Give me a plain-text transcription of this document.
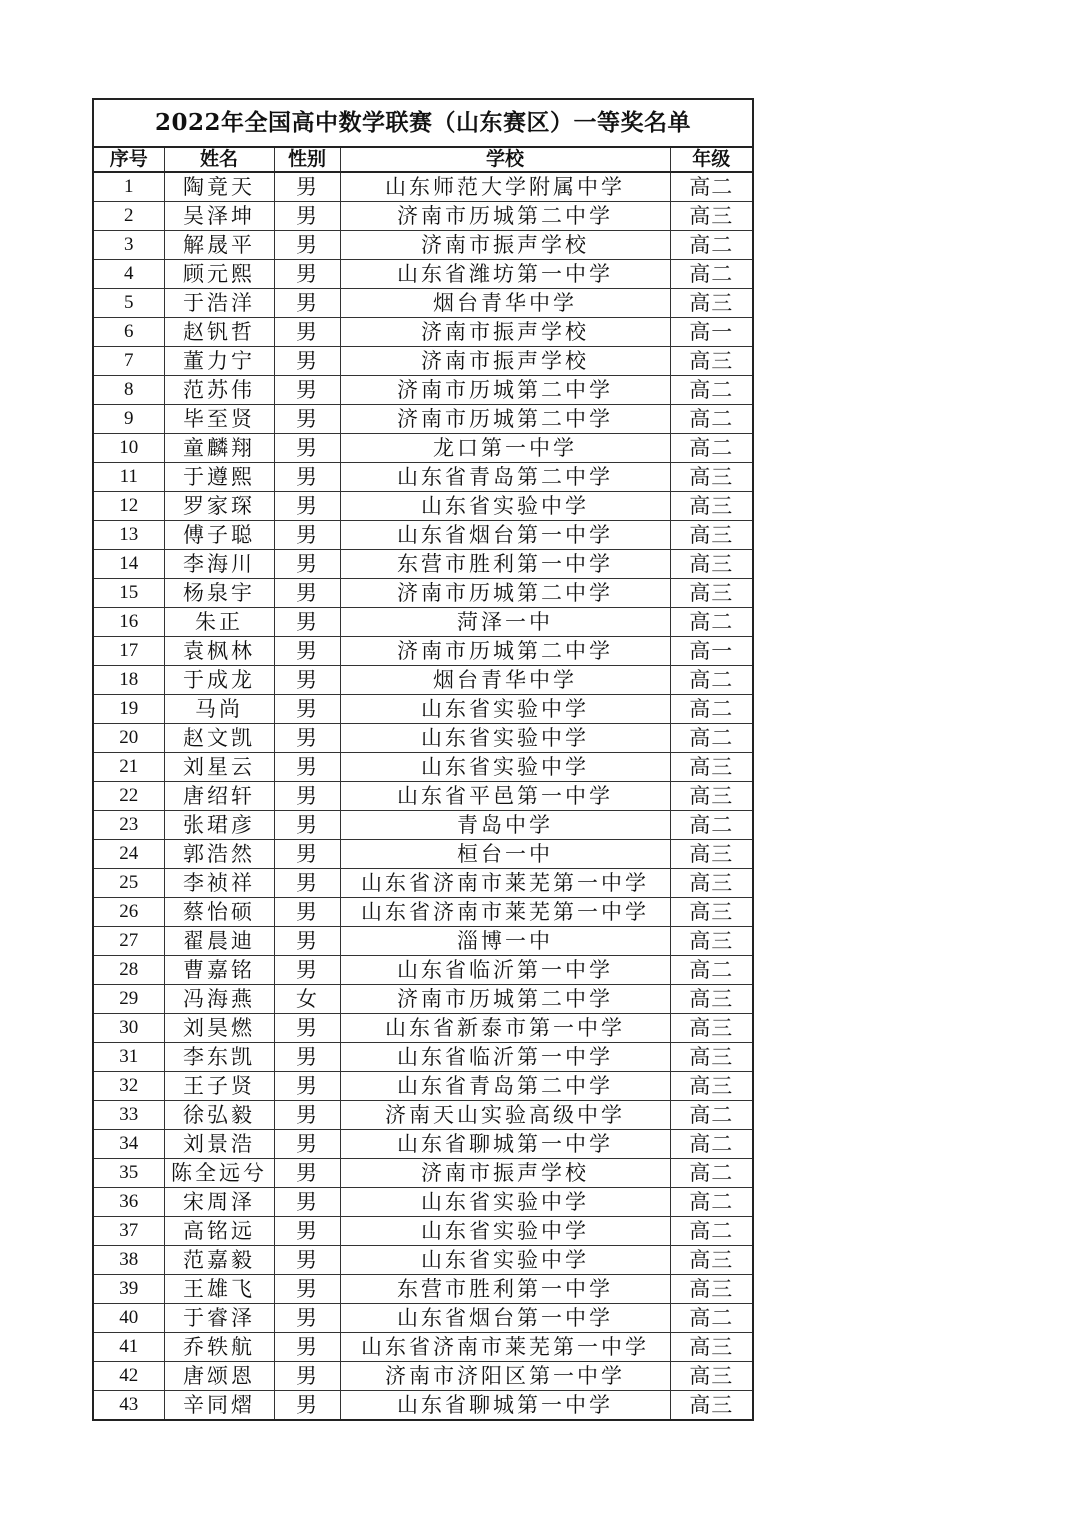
2022年全国高中数学联赛（山东赛区）一等奖名单
序号	姓名	性别	学校	年级
1	陶竟天	男	山东师范大学附属中学	高二
2	吴泽坤	男	济南市历城第二中学	高三
3	解晟平	男	济南市振声学校	高二
4	顾元熙	男	山东省潍坊第一中学	高二
5	于浩洋	男	烟台青华中学	高三
6	赵钒哲	男	济南市振声学校	高一
7	董力宁	男	济南市振声学校	高三
8	范苏伟	男	济南市历城第二中学	高二
9	毕至贤	男	济南市历城第二中学	高二
10	童麟翔	男	龙口第一中学	高二
11	于遵熙	男	山东省青岛第二中学	高三
12	罗家琛	男	山东省实验中学	高三
13	傅子聪	男	山东省烟台第一中学	高三
14	李海川	男	东营市胜利第一中学	高三
15	杨泉宇	男	济南市历城第二中学	高三
16	朱正	男	菏泽一中	高二
17	袁枫林	男	济南市历城第二中学	高一
18	于成龙	男	烟台青华中学	高二
19	马尚	男	山东省实验中学	高二
20	赵文凯	男	山东省实验中学	高二
21	刘星云	男	山东省实验中学	高三
22	唐绍轩	男	山东省平邑第一中学	高三
23	张珺彦	男	青岛中学	高二
24	郭浩然	男	桓台一中	高三
25	李祯祥	男	山东省济南市莱芜第一中学	高三
26	蔡怡硕	男	山东省济南市莱芜第一中学	高三
27	翟晨迪	男	淄博一中	高三
28	曹嘉铭	男	山东省临沂第一中学	高二
29	冯海燕	女	济南市历城第二中学	高三
30	刘昊燃	男	山东省新泰市第一中学	高三
31	李东凯	男	山东省临沂第一中学	高三
32	王子贤	男	山东省青岛第二中学	高三
33	徐弘毅	男	济南天山实验高级中学	高二
34	刘景浩	男	山东省聊城第一中学	高二
35	陈全远兮	男	济南市振声学校	高二
36	宋周泽	男	山东省实验中学	高二
37	高铭远	男	山东省实验中学	高二
38	范嘉毅	男	山东省实验中学	高三
39	王雄飞	男	东营市胜利第一中学	高三
40	于睿泽	男	山东省烟台第一中学	高二
41	乔轶航	男	山东省济南市莱芜第一中学	高三
42	唐颂恩	男	济南市济阳区第一中学	高三
43	辛同熠	男	山东省聊城第一中学	高三
